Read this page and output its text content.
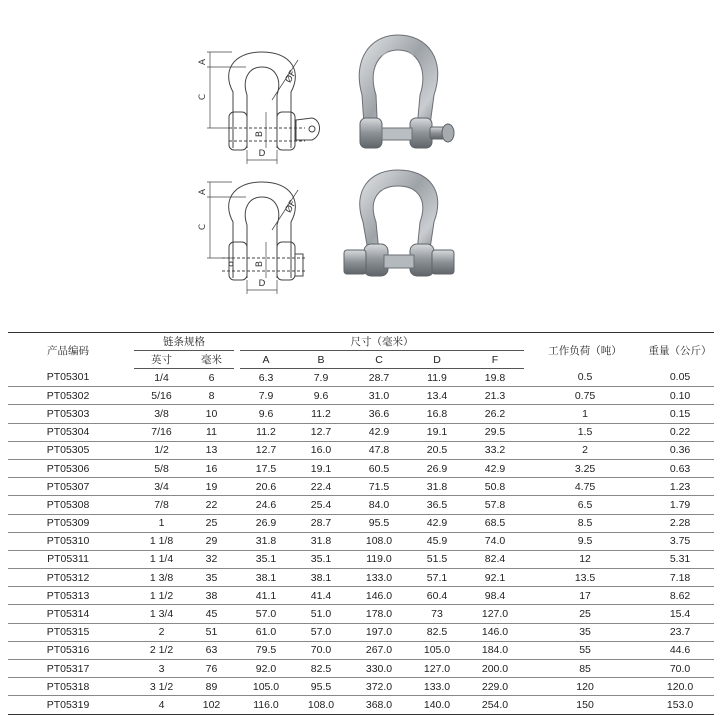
A
C
B
D
ØF
A
C
B
D
ØF
产品编码		链条规格			尺寸（毫米）						工作负荷（吨）		重量（公斤）
		英寸	毫米		A	B	C	D	F				
PT05301		1/4	6		6.3	7.9	28.7	11.9	19.8		0.5		0.05
PT05302		5/16	8		7.9	9.6	31.0	13.4	21.3		0.75		0.10
PT05303		3/8	10		9.6	11.2	36.6	16.8	26.2		1		0.15
PT05304		7/16	11		11.2	12.7	42.9	19.1	29.5		1.5		0.22
PT05305		1/2	13		12.7	16.0	47.8	20.5	33.2		2		0.36
PT05306		5/8	16		17.5	19.1	60.5	26.9	42.9		3.25		0.63
PT05307		3/4	19		20.6	22.4	71.5	31.8	50.8		4.75		1.23
PT05308		7/8	22		24.6	25.4	84.0	36.5	57.8		6.5		1.79
PT05309		1	25		26.9	28.7	95.5	42.9	68.5		8.5		2.28
PT05310		1 1/8	29		31.8	31.8	108.0	45.9	74.0		9.5		3.75
PT05311		1 1/4	32		35.1	35.1	119.0	51.5	82.4		12		5.31
PT05312		1 3/8	35		38.1	38.1	133.0	57.1	92.1		13.5		7.18
PT05313		1 1/2	38		41.1	41.4	146.0	60.4	98.4		17		8.62
PT05314		1 3/4	45		57.0	51.0	178.0	73	127.0		25		15.4
PT05315		2	51		61.0	57.0	197.0	82.5	146.0		35		23.7
PT05316		2 1/2	63		79.5	70.0	267.0	105.0	184.0		55		44.6
PT05317		3	76		92.0	82.5	330.0	127.0	200.0		85		70.0
PT05318		3 1/2	89		105.0	95.5	372.0	133.0	229.0		120		120.0
PT05319		4	102		116.0	108.0	368.0	140.0	254.0		150		153.0
